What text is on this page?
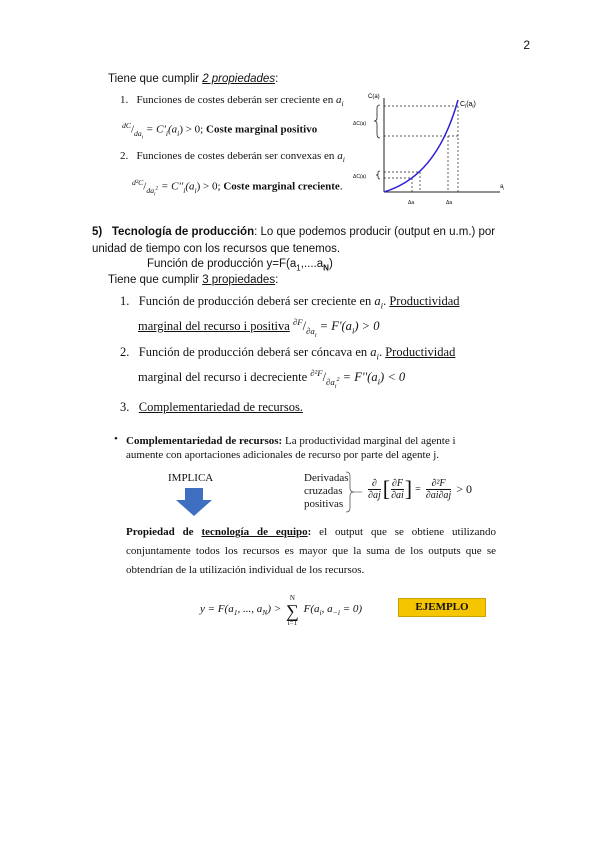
2
Tiene que cumplir 2 propiedades:
1. Funciones de costes deberán ser creciente en $a_i$
$^{dC}/_{da_i} = C'_i(a_i) > 0$; Coste marginal positivo
2. Funciones de costes deberán ser convexas en $a_i$
$^{d^2C}/_{da_i^2} = C''_i(a_i) > 0$; Coste marginal creciente.
C(a)
$C_i(a_i)$
ΔC(a)
ΔC(a)
$a_i$
Δa	Δa
5) Tecnología de producción: Lo que podemos producir (output en u.m.) por unidad de tiempo con los recursos que tenemos.
Función de producción $y=F(a_1,....a_N)$
Tiene que cumplir 3 propiedades:
1. Función de producción deberá ser creciente en $a_i$. Productividad
marginal del recurso i positiva $^{\partial F}/_{\partial a_i} = F'(a_i) > 0$
2. Función de producción deberá ser cóncava en $a_i$. Productividad
marginal del recurso i decreciente $^{\partial^2F}/_{\partial a_i^2} = F''(a_i) < 0$
3. Complementariedad de recursos.
• Complementariedad de recursos: La productividad marginal del agente i
aumente con aportaciones adicionales de recurso por parte del agente j.
IMPLICA	Derivadas
cruzadas
positivas
∂
∂aj	[	∂F
∂ai	]	=	
∂²F
∂ai∂aj	> 0
Propiedad de tecnología de equipo: el output que se obtiene utilizando conjuntamente todos los recursos es mayor que la suma de los outputs que se obtendrían de la utilización individual de los recursos.
$y = F(a_1$, ..., $a_N$) >
N
∑
i=1
$F(a_i$, $a_{-i} = 0$)	EJEMPLO
